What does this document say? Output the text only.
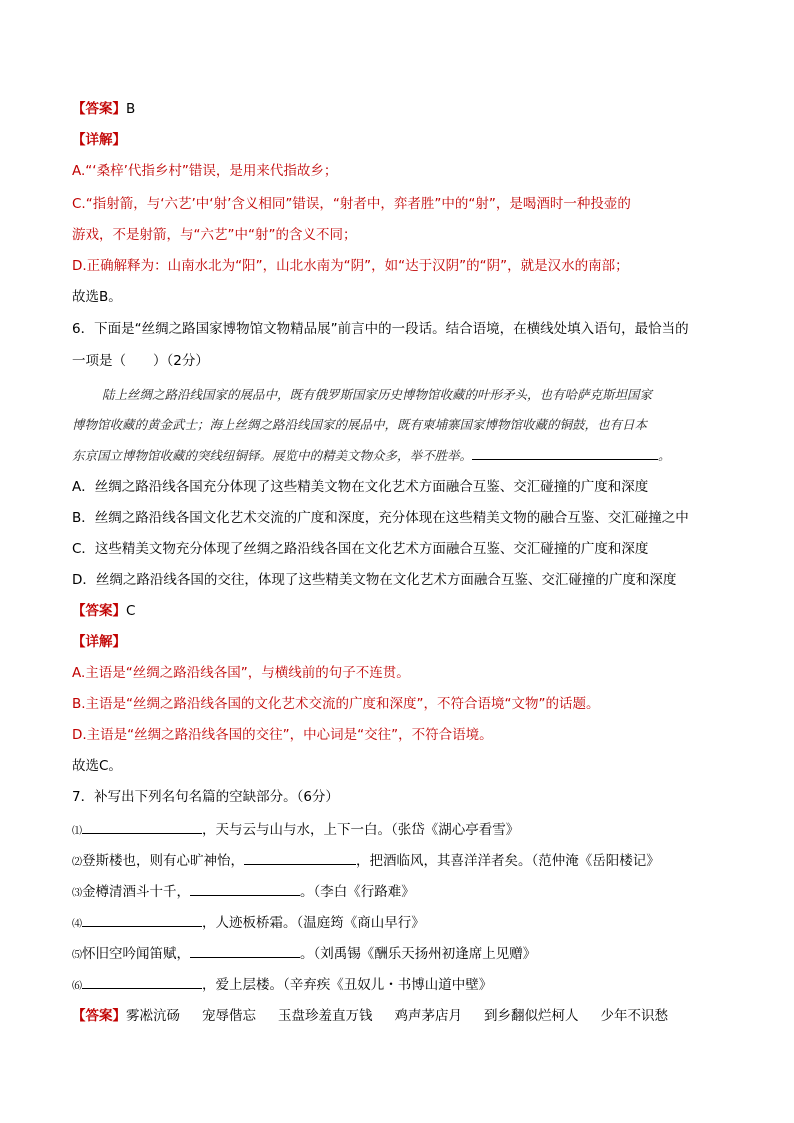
【答案】B
【详解】
A.“‘桑梓’代指乡村”错误，是用来代指故乡；
C.“指射箭，与‘六艺’中‘射’含义相同”错误，“射者中，弈者胜”中的“射”，是喝酒时一种投壶的
游戏，不是射箭，与“六艺”中“射”的含义不同；
D.正确解释为：山南水北为“阳”，山北水南为“阴”，如“达于汉阴”的“阴”，就是汉水的南部；
故选B。
6．下面是“丝绸之路国家博物馆文物精品展”前言中的一段话。结合语境，在横线处填入语句，最恰当的
一项是（　　）（2分）
陆上丝绸之路沿线国家的展品中，既有俄罗斯国家历史博物馆收藏的叶形矛头，也有哈萨克斯坦国家
博物馆收藏的黄金武士；海上丝绸之路沿线国家的展品中，既有柬埔寨国家博物馆收藏的铜鼓，也有日本
东京国立博物馆收藏的突线纽铜铎。展览中的精美文物众多，举不胜举。	。
A．丝绸之路沿线各国充分体现了这些精美文物在文化艺术方面融合互鉴、交汇碰撞的广度和深度
B．丝绸之路沿线各国文化艺术交流的广度和深度，充分体现在这些精美文物的融合互鉴、交汇碰撞之中
C．这些精美文物充分体现了丝绸之路沿线各国在文化艺术方面融合互鉴、交汇碰撞的广度和深度
D．丝绸之路沿线各国的交往，体现了这些精美文物在文化艺术方面融合互鉴、交汇碰撞的广度和深度
【答案】C
【详解】
A.主语是“丝绸之路沿线各国”，与横线前的句子不连贯。
B.主语是“丝绸之路沿线各国的文化艺术交流的广度和深度”，不符合语境“文物”的话题。
D.主语是“丝绸之路沿线各国的交往”，中心词是“交往”，不符合语境。
故选C。
7．补写出下列名句名篇的空缺部分。（6分）
⑴	，天与云与山与水，上下一白。（张岱《湖心亭看雪》
⑵登斯楼也，则有心旷神怡，	，把酒临风，其喜洋洋者矣。（范仲淹《岳阳楼记》
⑶金樽清酒斗十千，	。（李白《行路难》
⑷	，人迹板桥霜。（温庭筠《商山早行》
⑸怀旧空吟闻笛赋，	。（刘禹锡《酬乐天扬州初逢席上见赠》
⑹	，爱上层楼。（辛弃疾《丑奴儿・书博山道中壁》
【答案】雾凇沆砀 宠辱偕忘 玉盘珍羞直万钱 鸡声茅店月 到乡翻似烂柯人 少年不识愁
